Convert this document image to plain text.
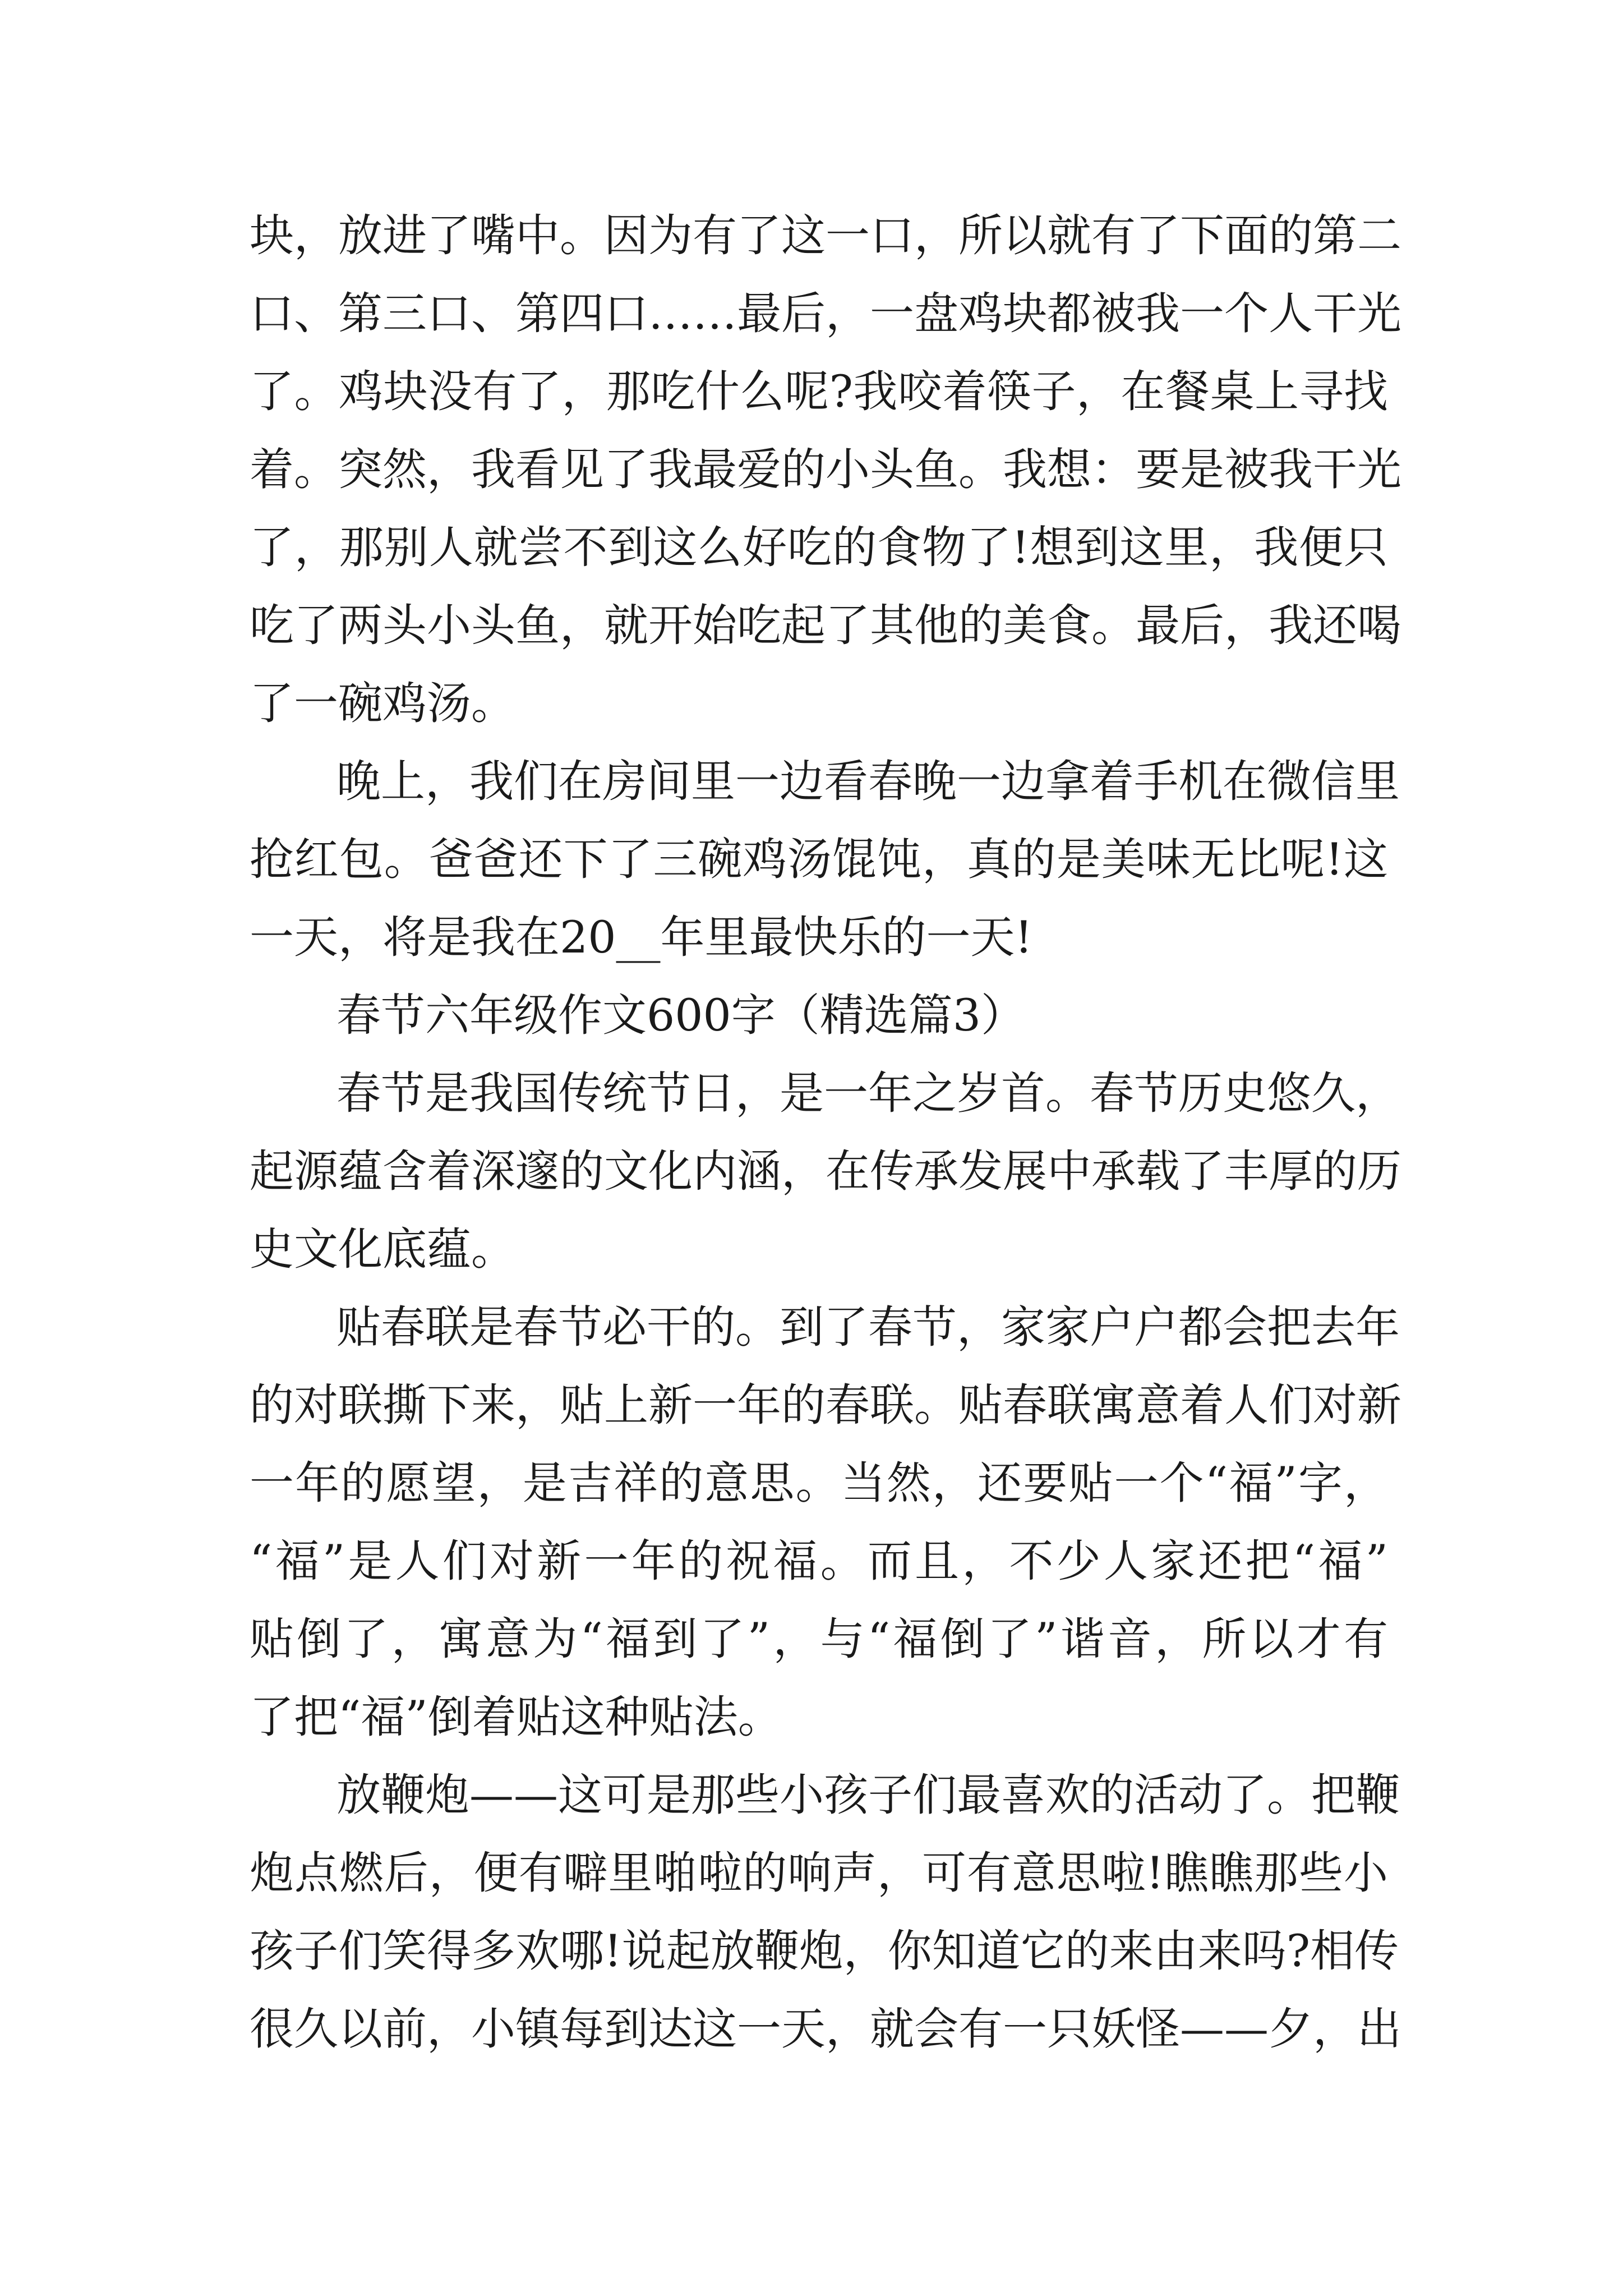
块，放进了嘴中。因为有了这一口，所以就有了下面的第二
口、第三口、第四口……最后，一盘鸡块都被我一个人干光
了。鸡块没有了，那吃什么呢?我咬着筷子，在餐桌上寻找
着。突然，我看见了我最爱的小头鱼。我想：要是被我干光
了，那别人就尝不到这么好吃的食物了!想到这里，我便只
吃了两头小头鱼，就开始吃起了其他的美食。最后，我还喝
了一碗鸡汤。
晚上，我们在房间里一边看春晚一边拿着手机在微信里
抢红包。爸爸还下了三碗鸡汤馄饨，真的是美味无比呢!这
一天，将是我在20__年里最快乐的一天!
春节六年级作文600字（精选篇3）
春节是我国传统节日，是一年之岁首。春节历史悠久，
起源蕴含着深邃的文化内涵，在传承发展中承载了丰厚的历
史文化底蕴。
贴春联是春节必干的。到了春节，家家户户都会把去年
的对联撕下来，贴上新一年的春联。贴春联寓意着人们对新
一年的愿望，是吉祥的意思。当然，还要贴一个“福”字，
“福”是人们对新一年的祝福。而且，不少人家还把“福”
贴倒了，寓意为“福到了”，与“福倒了”谐音，所以才有
了把“福”倒着贴这种贴法。
放鞭炮——这可是那些小孩子们最喜欢的活动了。把鞭
炮点燃后，便有噼里啪啦的响声，可有意思啦!瞧瞧那些小
孩子们笑得多欢哪!说起放鞭炮，你知道它的来由来吗?相传
很久以前，小镇每到达这一天，就会有一只妖怪——夕，出
